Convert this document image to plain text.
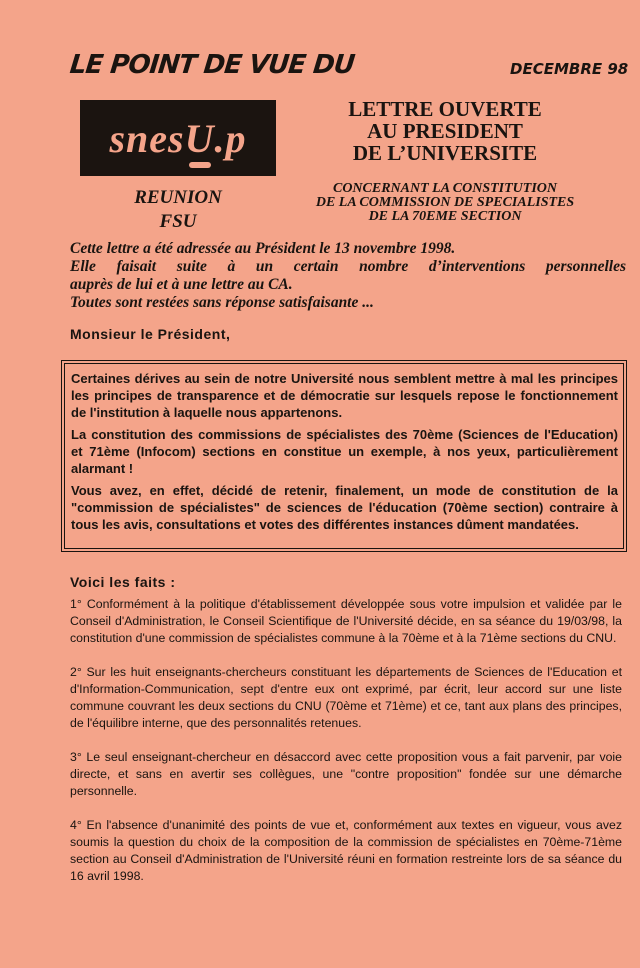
LE POINT DE VUE DU	DECEMBRE 98
snesU.p
REUNION
FSU
LETTRE OUVERTE
AU PRESIDENT
DE L’UNIVERSITE
CONCERNANT LA CONSTITUTION
DE LA COMMISSION DE SPECIALISTES
DE LA 70EME SECTION
Cette lettre a été adressée au Président le 13 novembre 1998.
Elle faisait suite à un certain nombre d’interventions personnelles
auprès de lui et à une lettre au CA.
Toutes sont restées sans réponse satisfaisante ...
Monsieur le Président,

Certaines dérives au sein de notre Université nous semblent mettre à mal les principes les principes de transparence et de démocratie sur lesquels repose le fonctionnement de l'institution à laquelle nous appartenons.

La constitution des commissions de spécialistes des 70ème (Sciences de l'Education) et 71ème (Infocom) sections en constitue un exemple, à nos yeux, particulièrement alarmant !

Vous avez, en effet, décidé de retenir, finalement, un mode de constitution de la "commission de spécialistes" de sciences de l'éducation (70ème section) contraire à tous les avis, consultations et votes des différentes instances dûment mandatées.

Voici les faits :

1° Conformément à la politique d'établissement développée sous votre impulsion et validée par le Conseil d'Administration, le Conseil Scientifique de l'Université décide, en sa séance du 19/03/98, la constitution d'une commission de spécialistes commune à la 70ème et à la 71ème sections du CNU.

2° Sur les huit enseignants-chercheurs constituant les départements de Sciences de l'Education et d'Information-Communication, sept d'entre eux ont exprimé, par écrit, leur accord sur une liste commune couvrant les deux sections du CNU (70ème et 71ème) et ce, tant aux plans des principes, de l'équilibre interne, que des personnalités retenues.

3° Le seul enseignant-chercheur en désaccord avec cette proposition vous a fait parvenir, par voie directe, et sans en avertir ses collègues, une "contre proposition" fondée sur une démarche personnelle.

4° En l'absence d'unanimité des points de vue et, conformément aux textes en vigueur, vous avez soumis la question du choix de la composition de la commission de spécialistes en 70ème-71ème section au Conseil d'Administration de l'Université réuni en formation restreinte lors de sa séance du 16 avril 1998.
